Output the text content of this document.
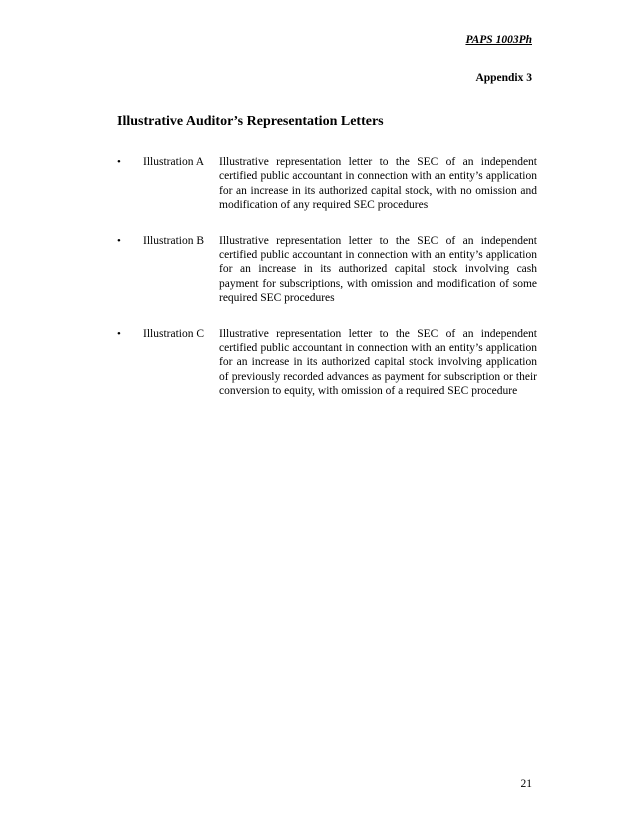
PAPS 1003Ph
Appendix 3
Illustrative Auditor’s Representation Letters
•	Illustration A	Illustrative representation letter to the SEC of an independent certified public accountant in connection with an entity’s application for an increase in its authorized capital stock, with no omission and modification of any required SEC procedures
•	Illustration B	Illustrative representation letter to the SEC of an independent certified public accountant in connection with an entity’s application for an increase in its authorized capital stock involving cash payment for subscriptions, with omission and modification of some required SEC procedures
•	Illustration C	Illustrative representation letter to the SEC of an independent certified public accountant in connection with an entity’s application for an increase in its authorized capital stock involving application of previously recorded advances as payment for subscription or their conversion to equity, with omission of a required SEC procedure
21
